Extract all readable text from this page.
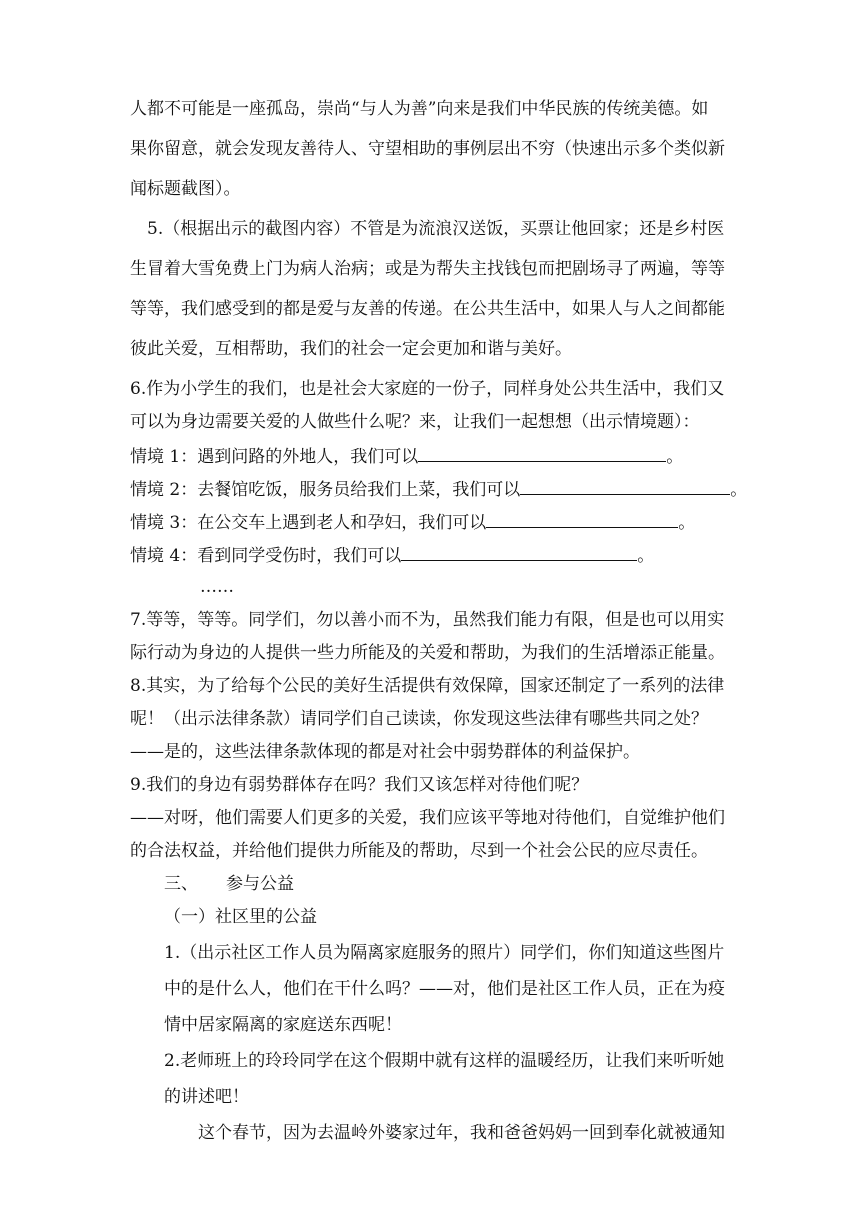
人都不可能是一座孤岛，崇尚“与人为善”向来是我们中华民族的传统美德。如
果你留意，就会发现友善待人、守望相助的事例层出不穷（快速出示多个类似新
闻标题截图）。
5.（根据出示的截图内容）不管是为流浪汉送饭，买票让他回家；还是乡村医
生冒着大雪免费上门为病人治病；或是为帮失主找钱包而把剧场寻了两遍，等等
等等，我们感受到的都是爱与友善的传递。在公共生活中，如果人与人之间都能
彼此关爱，互相帮助，我们的社会一定会更加和谐与美好。
6.作为小学生的我们，也是社会大家庭的一份子，同样身处公共生活中，我们又
可以为身边需要关爱的人做些什么呢？来，让我们一起想想（出示情境题）：
情境 1：遇到问路的外地人，我们可以	。
情境 2：去餐馆吃饭，服务员给我们上菜，我们可以	。
情境 3：在公交车上遇到老人和孕妇，我们可以	。
情境 4：看到同学受伤时，我们可以	。
……
7.等等，等等。同学们，勿以善小而不为，虽然我们能力有限，但是也可以用实
际行动为身边的人提供一些力所能及的关爱和帮助，为我们的生活增添正能量。
8.其实，为了给每个公民的美好生活提供有效保障，国家还制定了一系列的法律
呢！（出示法律条款）请同学们自己读读，你发现这些法律有哪些共同之处？
——是的，这些法律条款体现的都是对社会中弱势群体的利益保护。
9.我们的身边有弱势群体存在吗？我们又该怎样对待他们呢？
——对呀，他们需要人们更多的关爱，我们应该平等地对待他们，自觉维护他们
的合法权益，并给他们提供力所能及的帮助，尽到一个社会公民的应尽责任。
三、 参与公益
（一）社区里的公益
1.（出示社区工作人员为隔离家庭服务的照片）同学们，你们知道这些图片
中的是什么人，他们在干什么吗？——对，他们是社区工作人员，正在为疫
情中居家隔离的家庭送东西呢！
2.老师班上的玲玲同学在这个假期中就有这样的温暖经历，让我们来听听她
的讲述吧！
这个春节，因为去温岭外婆家过年，我和爸爸妈妈一回到奉化就被通知
